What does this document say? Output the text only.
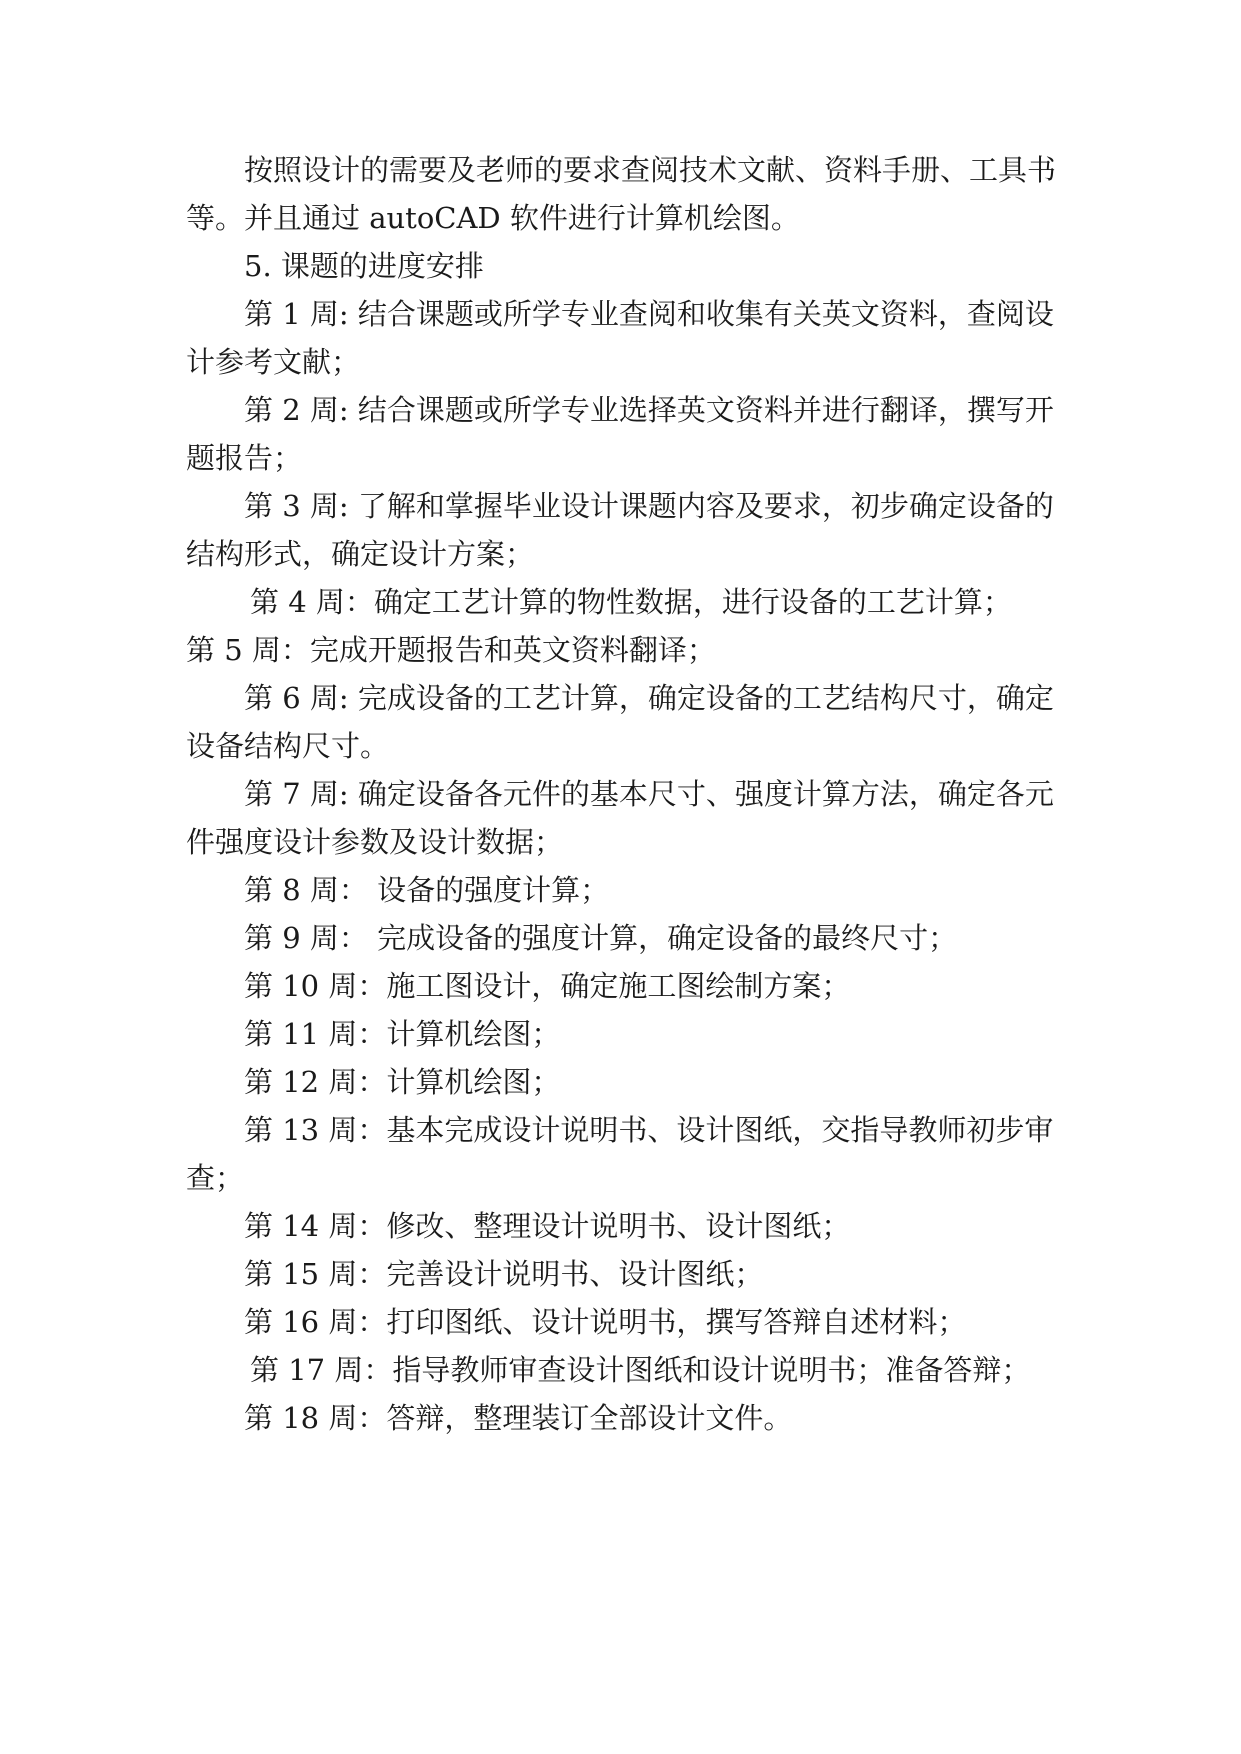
按照设计的需要及老师的要求查阅技术文献、资料手册、工具书等。并且通过 autoCAD 软件进行计算机绘图。

5. 课题的进度安排

第 1 周: 结合课题或所学专业查阅和收集有关英文资料，查阅设计参考文献；

第 2 周: 结合课题或所学专业选择英文资料并进行翻译，撰写开题报告；

第 3 周: 了解和掌握毕业设计课题内容及要求，初步确定设备的结构形式，确定设计方案；

第 4 周：确定工艺计算的物性数据，进行设备的工艺计算；

第 5 周：完成开题报告和英文资料翻译；

第 6 周: 完成设备的工艺计算，确定设备的工艺结构尺寸，确定设备结构尺寸。

第 7 周: 确定设备各元件的基本尺寸、强度计算方法，确定各元件强度设计参数及设计数据；

第 8 周： 设备的强度计算；

第 9 周： 完成设备的强度计算，确定设备的最终尺寸；

第 10 周：施工图设计，确定施工图绘制方案；

第 11 周：计算机绘图；

第 12 周：计算机绘图；

第 13 周：基本完成设计说明书、设计图纸，交指导教师初步审查；

第 14 周：修改、整理设计说明书、设计图纸；

第 15 周：完善设计说明书、设计图纸；

第 16 周：打印图纸、设计说明书，撰写答辩自述材料；

第 17 周：指导教师审查设计图纸和设计说明书；准备答辩；

第 18 周：答辩，整理装订全部设计文件。
